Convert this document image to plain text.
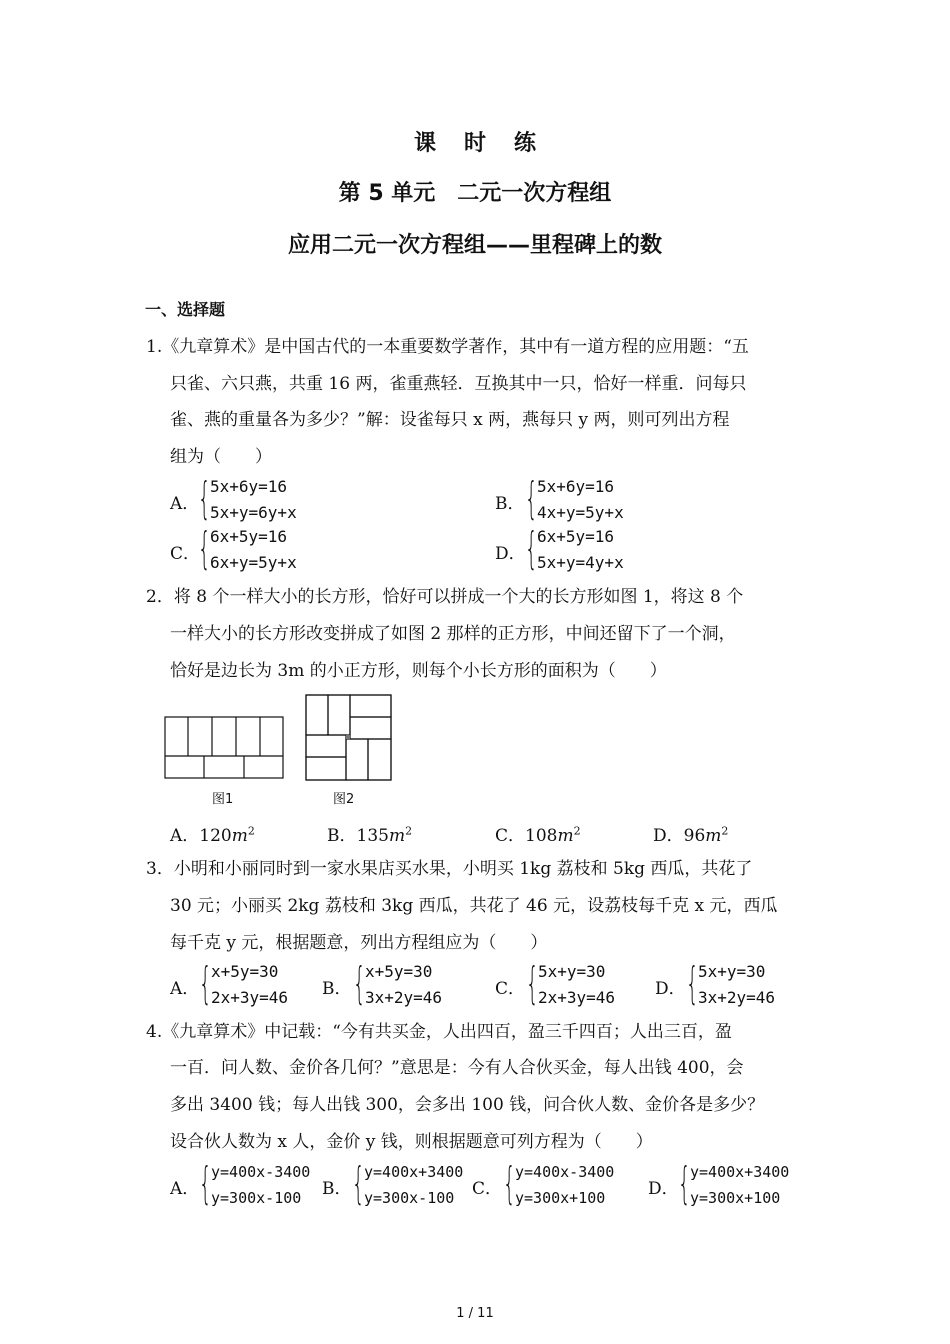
课时练
第 5 单元　二元一次方程组
应用二元一次方程组——里程碑上的数
一、选择题
1.《九章算术》是中国古代的一本重要数学著作，其中有一道方程的应用题：“五
只雀、六只燕，共重 16 两，雀重燕轻．互换其中一只，恰好一样重．问每只
雀、燕的重量各为多少？”解：设雀每只 x 两，燕每只 y 两，则可列出方程
组为（　　）
A．
{ 5x+6y=16
5x+y=6y+x	B． { 5x+6y=16
4x+y=5y+x
C．
{ 6x+5y=16
6x+y=5y+x	D． { 6x+5y=16
5x+y=4y+x
2．将 8 个一样大小的长方形，恰好可以拼成一个大的长方形如图 1，将这 8 个
一样大小的长方形改变拼成了如图 2 那样的正方形，中间还留下了一个洞，
恰好是边长为 3m 的小正方形，则每个小长方形的面积为（　　）
图1	图2
A．$120m^2$	B．$135m^2$	C．$108m^2$	D．$96m^2$
3．小明和小丽同时到一家水果店买水果，小明买 1kg 荔枝和 5kg 西瓜，共花了
30 元；小丽买 2kg 荔枝和 3kg 西瓜，共花了 46 元，设荔枝每千克 x 元，西瓜
每千克 y 元，根据题意，列出方程组应为（　　）
A． { x+5y=30
2x+3y=46 B． { x+5y=30
3x+2y=46	C． { 5x+y=30
2x+3y=46 D． { 5x+y=30
3x+2y=46
4.《九章算术》中记载：“今有共买金，人出四百，盈三千四百；人出三百，盈
一百．问人数、金价各几何？”意思是：今有人合伙买金，每人出钱 400，会
多出 3400 钱；每人出钱 300，会多出 100 钱，问合伙人数、金价各是多少？
设合伙人数为 x 人，金价 y 钱，则根据题意可列方程为（　　）
A． { y=400x-3400
y=300x-100	B． { y=400x+3400
y=300x-100	C． { y=400x-3400
y=300x+100	D． { y=400x+3400
y=300x+100
1 / 11
